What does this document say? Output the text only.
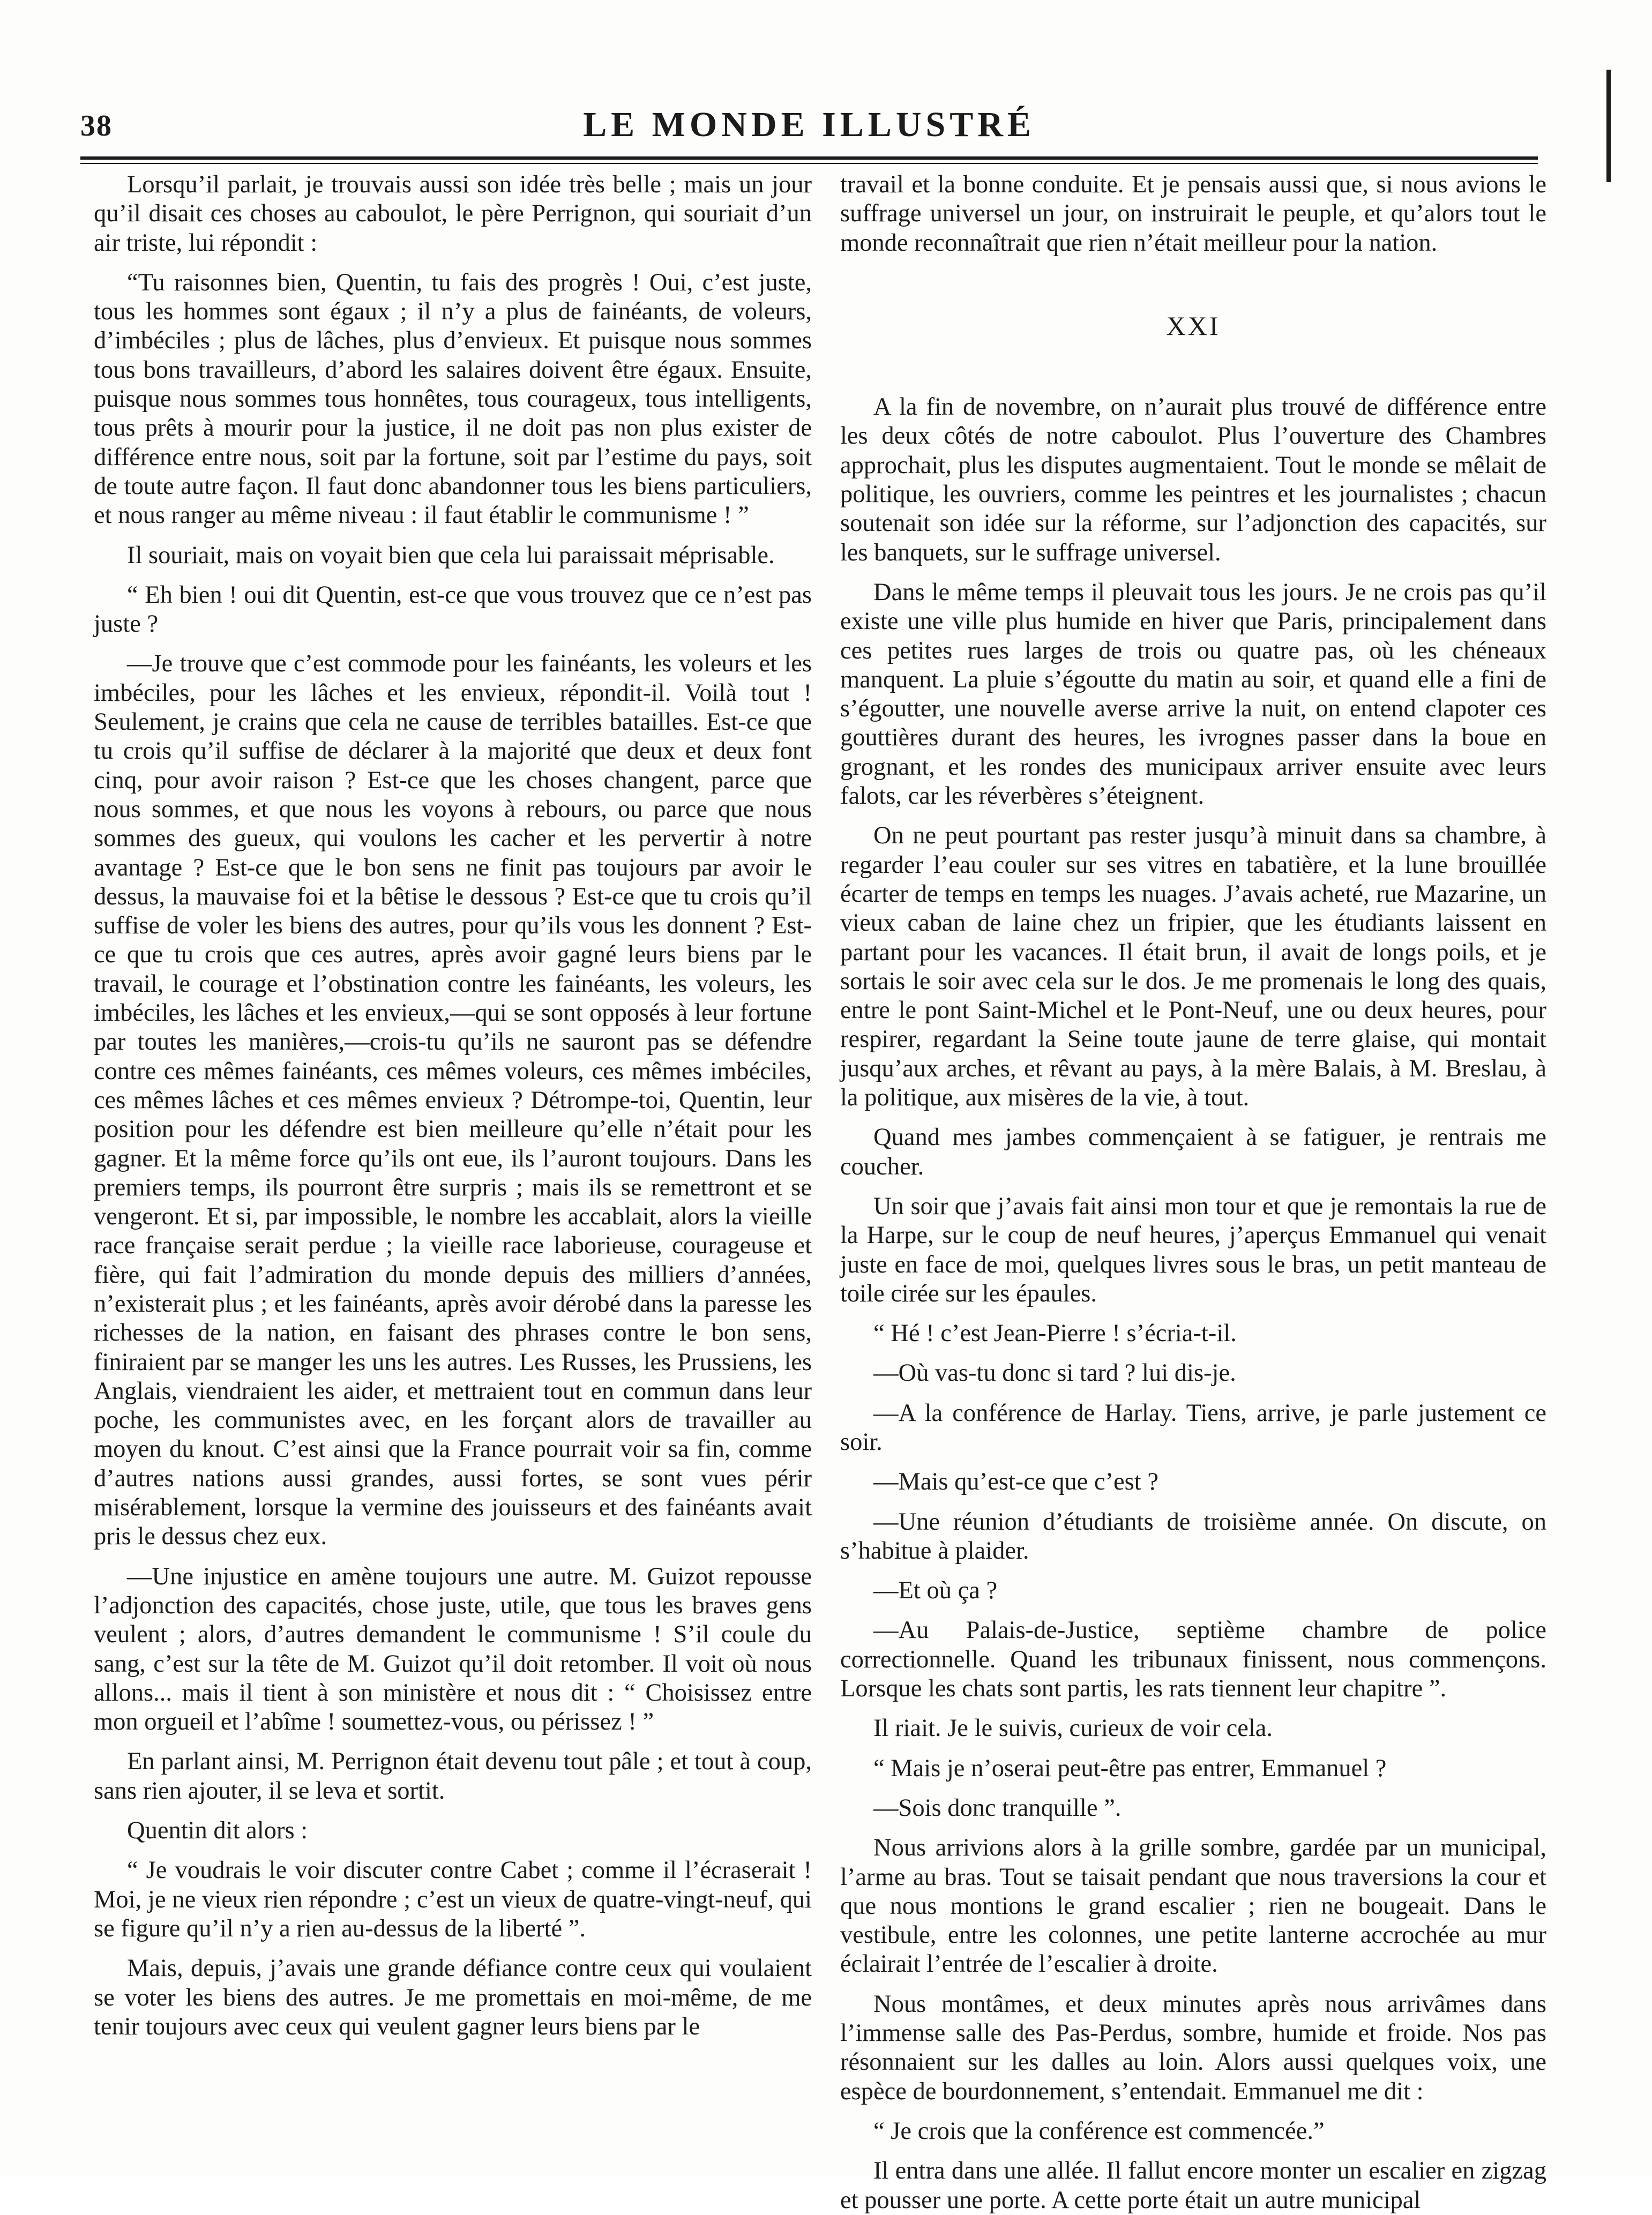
38	LE MONDE ILLUSTRÉ

Lorsqu’il parlait, je trouvais aussi son idée très belle ; mais un jour qu’il disait ces choses au caboulot, le père Perrignon, qui souriait d’un air triste, lui répondit :

“Tu raisonnes bien, Quentin, tu fais des progrès ! Oui, c’est juste, tous les hommes sont égaux ; il n’y a plus de fainéants, de voleurs, d’imbéciles ; plus de lâches, plus d’envieux. Et puisque nous sommes tous bons travailleurs, d’abord les salaires doivent être égaux. Ensuite, puisque nous sommes tous honnêtes, tous courageux, tous intelligents, tous prêts à mourir pour la justice, il ne doit pas non plus exister de différence entre nous, soit par la fortune, soit par l’estime du pays, soit de toute autre façon. Il faut donc abandonner tous les biens particuliers, et nous ranger au même niveau : il faut établir le communisme ! ”

Il souriait, mais on voyait bien que cela lui paraissait méprisable.

“ Eh bien ! oui dit Quentin, est-ce que vous trouvez que ce n’est pas juste ?

—Je trouve que c’est commode pour les fainéants, les voleurs et les imbéciles, pour les lâches et les envieux, répondit-il. Voilà tout ! Seulement, je crains que cela ne cause de terribles batailles. Est-ce que tu crois qu’il suffise de déclarer à la majorité que deux et deux font cinq, pour avoir raison ? Est-ce que les choses changent, parce que nous sommes, et que nous les voyons à rebours, ou parce que nous sommes des gueux, qui voulons les cacher et les pervertir à notre avantage ? Est-ce que le bon sens ne finit pas toujours par avoir le dessus, la mauvaise foi et la bêtise le dessous ? Est-ce que tu crois qu’il suffise de voler les biens des autres, pour qu’ils vous les donnent ? Est-ce que tu crois que ces autres, après avoir gagné leurs biens par le travail, le courage et l’obstination contre les fainéants, les voleurs, les imbéciles, les lâches et les envieux,—qui se sont opposés à leur fortune par toutes les manières,—crois-tu qu’ils ne sauront pas se défendre contre ces mêmes fainéants, ces mêmes voleurs, ces mêmes imbéciles, ces mêmes lâches et ces mêmes envieux ? Détrompe-toi, Quentin, leur position pour les défendre est bien meilleure qu’elle n’était pour les gagner. Et la même force qu’ils ont eue, ils l’auront toujours. Dans les premiers temps, ils pourront être surpris ; mais ils se remettront et se vengeront. Et si, par impossible, le nombre les accablait, alors la vieille race française serait perdue ; la vieille race laborieuse, courageuse et fière, qui fait l’admiration du monde depuis des milliers d’années, n’existerait plus ; et les fainéants, après avoir dérobé dans la paresse les richesses de la nation, en faisant des phrases contre le bon sens, finiraient par se manger les uns les autres. Les Russes, les Prussiens, les Anglais, viendraient les aider, et mettraient tout en commun dans leur poche, les communistes avec, en les forçant alors de travailler au moyen du knout. C’est ainsi que la France pourrait voir sa fin, comme d’autres nations aussi grandes, aussi fortes, se sont vues périr misérablement, lorsque la vermine des jouisseurs et des fainéants avait pris le dessus chez eux.

—Une injustice en amène toujours une autre. M. Guizot repousse l’adjonction des capacités, chose juste, utile, que tous les braves gens veulent ; alors, d’autres demandent le communisme ! S’il coule du sang, c’est sur la tête de M. Guizot qu’il doit retomber. Il voit où nous allons... mais il tient à son ministère et nous dit : “ Choisissez entre mon orgueil et l’abîme ! soumettez-vous, ou périssez ! ”

En parlant ainsi, M. Perrignon était devenu tout pâle ; et tout à coup, sans rien ajouter, il se leva et sortit.

Quentin dit alors :

“ Je voudrais le voir discuter contre Cabet ; comme il l’écraserait ! Moi, je ne vieux rien répondre ; c’est un vieux de quatre-vingt-neuf, qui se figure qu’il n’y a rien au-dessus de la liberté ”.

Mais, depuis, j’avais une grande défiance contre ceux qui voulaient se voter les biens des autres. Je me promettais en moi-même, de me tenir toujours avec ceux qui veulent gagner leurs biens par le

travail et la bonne conduite. Et je pensais aussi que, si nous avions le suffrage universel un jour, on instruirait le peuple, et qu’alors tout le monde reconnaîtrait que rien n’était meilleur pour la nation.

XXI

A la fin de novembre, on n’aurait plus trouvé de différence entre les deux côtés de notre caboulot. Plus l’ouverture des Chambres approchait, plus les disputes augmentaient. Tout le monde se mêlait de politique, les ouvriers, comme les peintres et les journalistes ; chacun soutenait son idée sur la réforme, sur l’adjonction des capacités, sur les banquets, sur le suffrage universel.

Dans le même temps il pleuvait tous les jours. Je ne crois pas qu’il existe une ville plus humide en hiver que Paris, principalement dans ces petites rues larges de trois ou quatre pas, où les chéneaux manquent. La pluie s’égoutte du matin au soir, et quand elle a fini de s’égoutter, une nouvelle averse arrive la nuit, on entend clapoter ces gouttières durant des heures, les ivrognes passer dans la boue en grognant, et les rondes des municipaux arriver ensuite avec leurs falots, car les réverbères s’éteignent.

On ne peut pourtant pas rester jusqu’à minuit dans sa chambre, à regarder l’eau couler sur ses vitres en tabatière, et la lune brouillée écarter de temps en temps les nuages. J’avais acheté, rue Mazarine, un vieux caban de laine chez un fripier, que les étudiants laissent en partant pour les vacances. Il était brun, il avait de longs poils, et je sortais le soir avec cela sur le dos. Je me promenais le long des quais, entre le pont Saint-Michel et le Pont-Neuf, une ou deux heures, pour respirer, regardant la Seine toute jaune de terre glaise, qui montait jusqu’aux arches, et rêvant au pays, à la mère Balais, à M. Breslau, à la politique, aux misères de la vie, à tout.

Quand mes jambes commençaient à se fatiguer, je rentrais me coucher.

Un soir que j’avais fait ainsi mon tour et que je remontais la rue de la Harpe, sur le coup de neuf heures, j’aperçus Emmanuel qui venait juste en face de moi, quelques livres sous le bras, un petit manteau de toile cirée sur les épaules.

“ Hé ! c’est Jean-Pierre ! s’écria-t-il.

—Où vas-tu donc si tard ? lui dis-je.

—A la conférence de Harlay. Tiens, arrive, je parle justement ce soir.

—Mais qu’est-ce que c’est ?

—Une réunion d’étudiants de troisième année. On discute, on s’habitue à plaider.

—Et où ça ?

—Au Palais-de-Justice, septième chambre de police correctionnelle. Quand les tribunaux finissent, nous commençons. Lorsque les chats sont partis, les rats tiennent leur chapitre ”.

Il riait. Je le suivis, curieux de voir cela.

“ Mais je n’oserai peut-être pas entrer, Emmanuel ?

—Sois donc tranquille ”.

Nous arrivions alors à la grille sombre, gardée par un municipal, l’arme au bras. Tout se taisait pendant que nous traversions la cour et que nous montions le grand escalier ; rien ne bougeait. Dans le vestibule, entre les colonnes, une petite lanterne accrochée au mur éclairait l’entrée de l’escalier à droite.

Nous montâmes, et deux minutes après nous arrivâmes dans l’immense salle des Pas-Perdus, sombre, humide et froide. Nos pas résonnaient sur les dalles au loin. Alors aussi quelques voix, une espèce de bourdonnement, s’entendait. Emmanuel me dit :

“ Je crois que la conférence est commencée.”

Il entra dans une allée. Il fallut encore monter un escalier en zigzag et pousser une porte. A cette porte était un autre municipal
